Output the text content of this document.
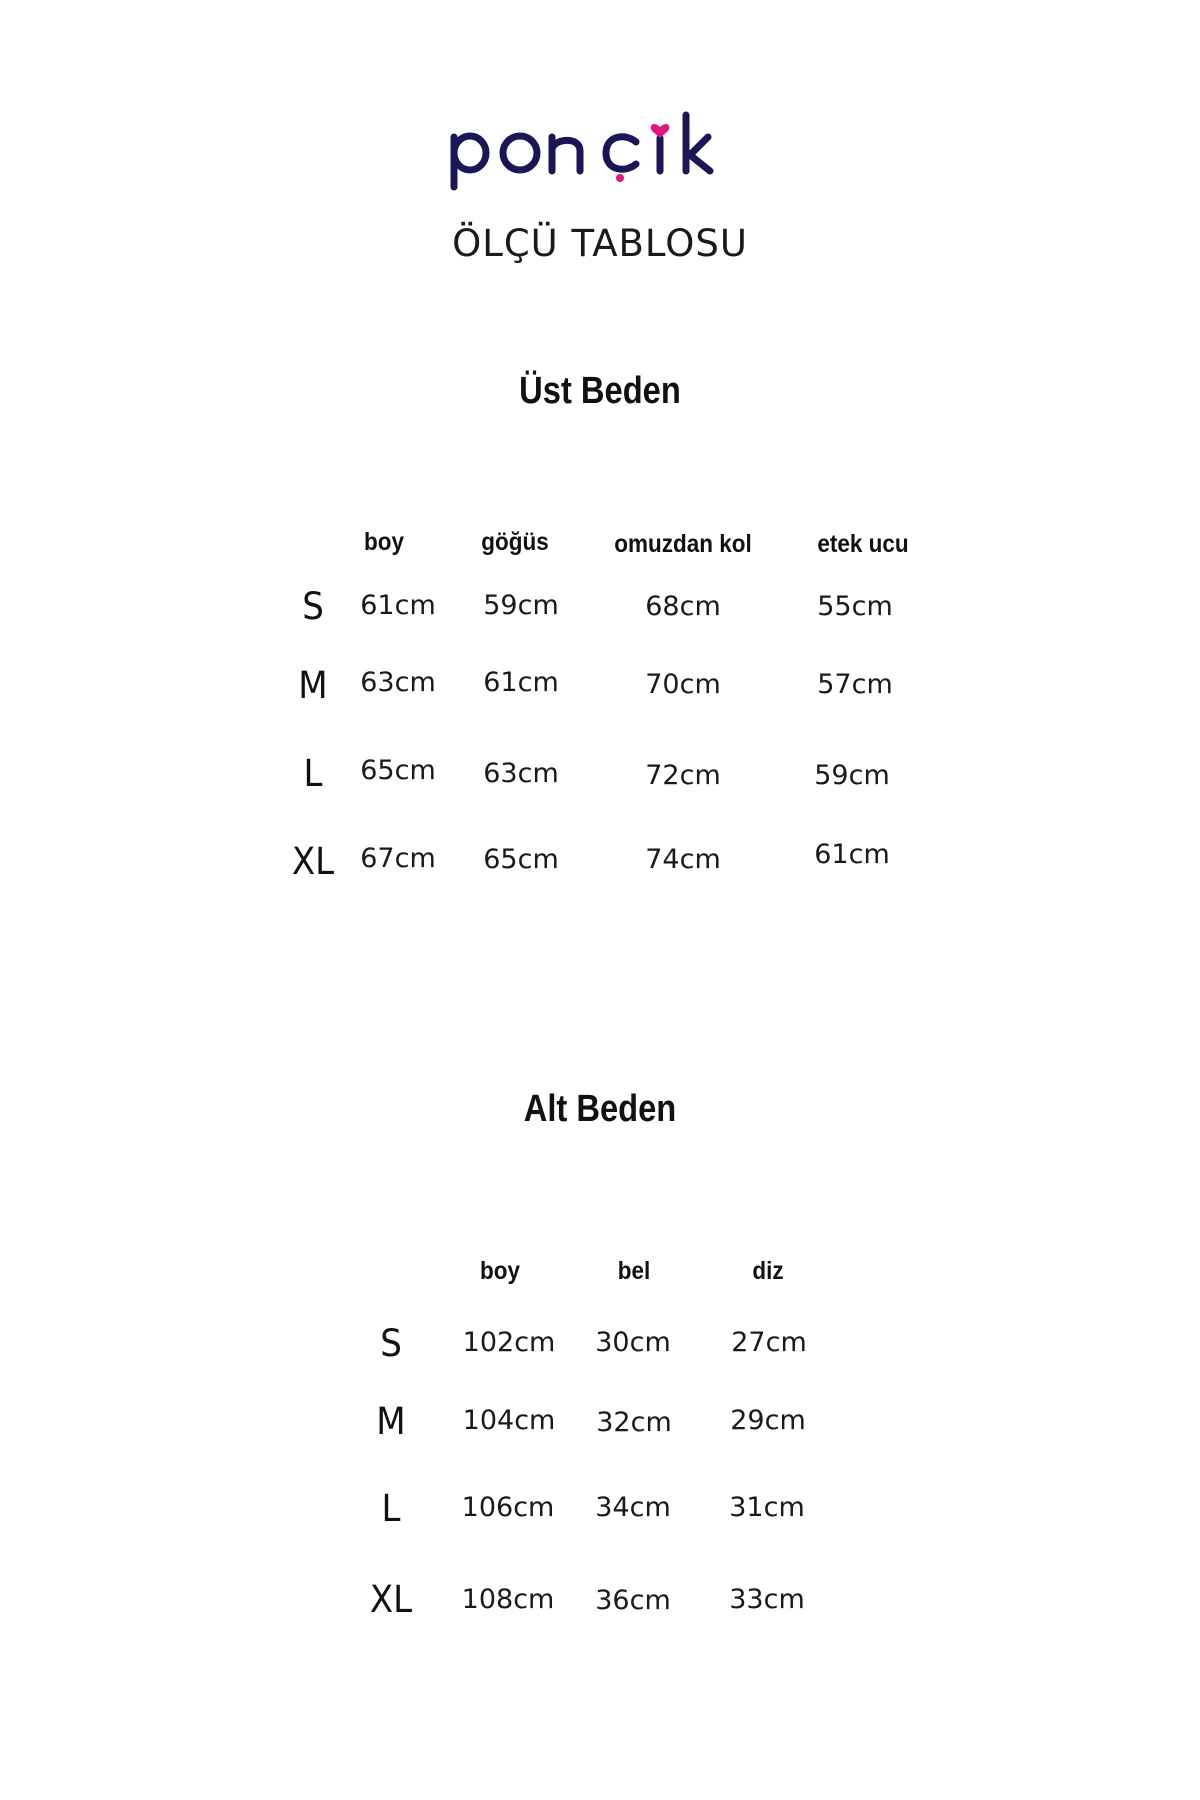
ÖLÇÜ TABLOSU
Üst Beden
boy	göğüs	omuzdan kol	etek ucu
S 61cm 59cm	68cm	55cm
M 63cm 61cm	70cm	57cm
L 65cm 63cm	72cm	59cm
XL 67cm 65cm	74cm	61cm
Alt Beden
boy	bel	diz
S 102cm 30cm 27cm
M 104cm 32cm 29cm
L 106cm 34cm 31cm
XL 108cm 36cm 33cm
